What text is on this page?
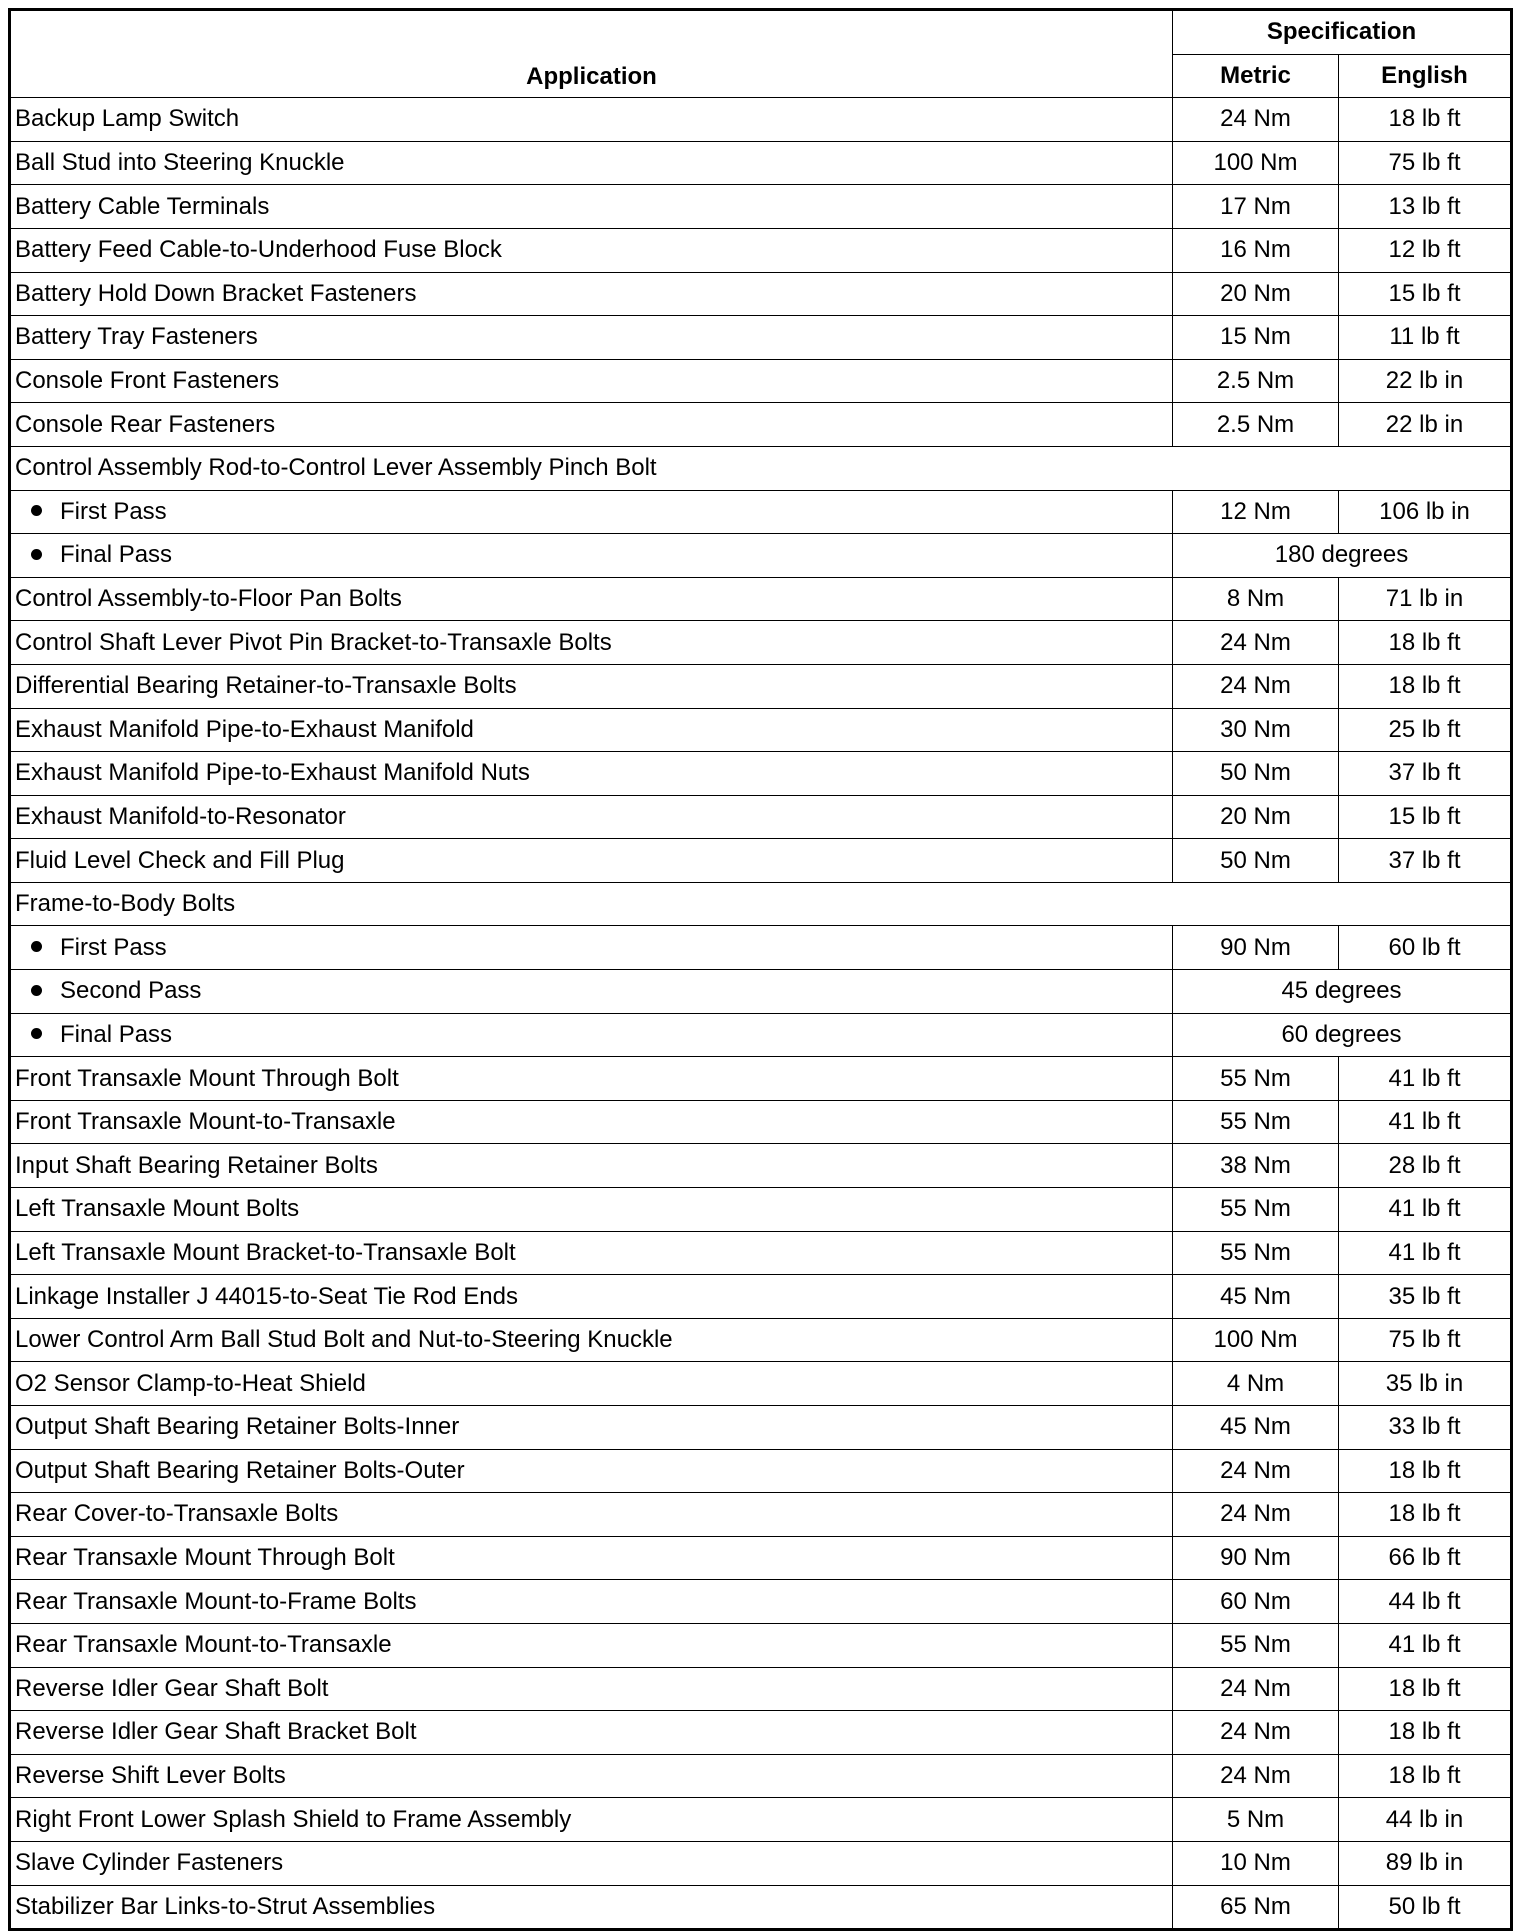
Application	Specification	
	Metric	English
Backup Lamp Switch	24 Nm	18 lb ft
Ball Stud into Steering Knuckle	100 Nm	75 lb ft
Battery Cable Terminals	17 Nm	13 lb ft
Battery Feed Cable-to-Underhood Fuse Block	16 Nm	12 lb ft
Battery Hold Down Bracket Fasteners	20 Nm	15 lb ft
Battery Tray Fasteners	15 Nm	11 lb ft
Console Front Fasteners	2.5 Nm	22 lb in
Console Rear Fasteners	2.5 Nm	22 lb in
Control Assembly Rod-to-Control Lever Assembly Pinch Bolt		
First Pass	12 Nm	106 lb in
Final Pass	180 degrees	
Control Assembly-to-Floor Pan Bolts	8 Nm	71 lb in
Control Shaft Lever Pivot Pin Bracket-to-Transaxle Bolts	24 Nm	18 lb ft
Differential Bearing Retainer-to-Transaxle Bolts	24 Nm	18 lb ft
Exhaust Manifold Pipe-to-Exhaust Manifold	30 Nm	25 lb ft
Exhaust Manifold Pipe-to-Exhaust Manifold Nuts	50 Nm	37 lb ft
Exhaust Manifold-to-Resonator	20 Nm	15 lb ft
Fluid Level Check and Fill Plug	50 Nm	37 lb ft
Frame-to-Body Bolts		
First Pass	90 Nm	60 lb ft
Second Pass	45 degrees	
Final Pass	60 degrees	
Front Transaxle Mount Through Bolt	55 Nm	41 lb ft
Front Transaxle Mount-to-Transaxle	55 Nm	41 lb ft
Input Shaft Bearing Retainer Bolts	38 Nm	28 lb ft
Left Transaxle Mount Bolts	55 Nm	41 lb ft
Left Transaxle Mount Bracket-to-Transaxle Bolt	55 Nm	41 lb ft
Linkage Installer J 44015-to-Seat Tie Rod Ends	45 Nm	35 lb ft
Lower Control Arm Ball Stud Bolt and Nut-to-Steering Knuckle	100 Nm	75 lb ft
O2 Sensor Clamp-to-Heat Shield	4 Nm	35 lb in
Output Shaft Bearing Retainer Bolts-Inner	45 Nm	33 lb ft
Output Shaft Bearing Retainer Bolts-Outer	24 Nm	18 lb ft
Rear Cover-to-Transaxle Bolts	24 Nm	18 lb ft
Rear Transaxle Mount Through Bolt	90 Nm	66 lb ft
Rear Transaxle Mount-to-Frame Bolts	60 Nm	44 lb ft
Rear Transaxle Mount-to-Transaxle	55 Nm	41 lb ft
Reverse Idler Gear Shaft Bolt	24 Nm	18 lb ft
Reverse Idler Gear Shaft Bracket Bolt	24 Nm	18 lb ft
Reverse Shift Lever Bolts	24 Nm	18 lb ft
Right Front Lower Splash Shield to Frame Assembly	5 Nm	44 lb in
Slave Cylinder Fasteners	10 Nm	89 lb in
Stabilizer Bar Links-to-Strut Assemblies	65 Nm	50 lb ft
